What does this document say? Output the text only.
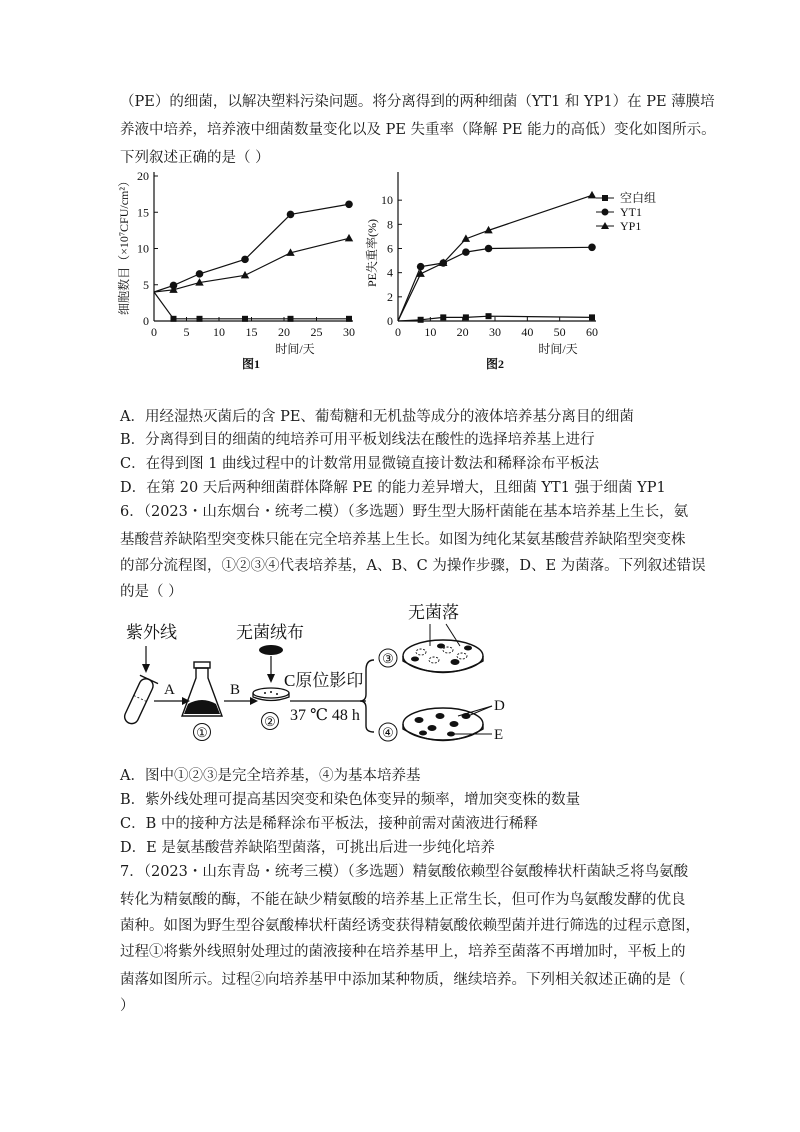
（PE）的细菌，以解决塑料污染问题。将分离得到的两种细菌（YT1 和 YP1）在 PE 薄膜培
养液中培养，培养液中细菌数量变化以及 PE 失重率（降解 PE 能力的高低）变化如图所示。
下列叙述正确的是（ ）
0 5 10 15 20 25 30
0
5
10
15
20
细胞数目（×10⁷CFU/cm²）
时间/天
图1
0 10 20 30 40 50 60
0
2
4
6
8
10
PE失重率(%)
时间/天
图2
空白组
YT1
YP1
A．用经湿热灭菌后的含 PE、葡萄糖和无机盐等成分的液体培养基分离目的细菌
B．分离得到目的细菌的纯培养可用平板划线法在酸性的选择培养基上进行
C．在得到图 1 曲线过程中的计数常用显微镜直接计数法和稀释涂布平板法
D．在第 20 天后两种细菌群体降解 PE 的能力差异增大，且细菌 YT1 强于细菌 YP1
6．（2023・山东烟台・统考二模）（多选题）野生型大肠杆菌能在基本培养基上生长，氨
基酸营养缺陷型突变株只能在完全培养基上生长。如图为纯化某氨基酸营养缺陷型突变株
的部分流程图，①②③④代表培养基，A、B、C 为操作步骤，D、E 为菌落。下列叙述错误
的是（ ）
紫外线
A
①
B
无菌绒布
②
C原位影印
37 ℃ 48 h
③
无菌落
④
D
E
A．图中①②③是完全培养基，④为基本培养基
B．紫外线处理可提高基因突变和染色体变异的频率，增加突变株的数量
C．B 中的接种方法是稀释涂布平板法，接种前需对菌液进行稀释
D．E 是氨基酸营养缺陷型菌落，可挑出后进一步纯化培养
7．（2023・山东青岛・统考三模）（多选题）精氨酸依赖型谷氨酸棒状杆菌缺乏将鸟氨酸
转化为精氨酸的酶，不能在缺少精氨酸的培养基上正常生长，但可作为鸟氨酸发酵的优良
菌种。如图为野生型谷氨酸棒状杆菌经诱变获得精氨酸依赖型菌并进行筛选的过程示意图，
过程①将紫外线照射处理过的菌液接种在培养基甲上，培养至菌落不再增加时，平板上的
菌落如图所示。过程②向培养基甲中添加某种物质，继续培养。下列相关叙述正确的是（
）
